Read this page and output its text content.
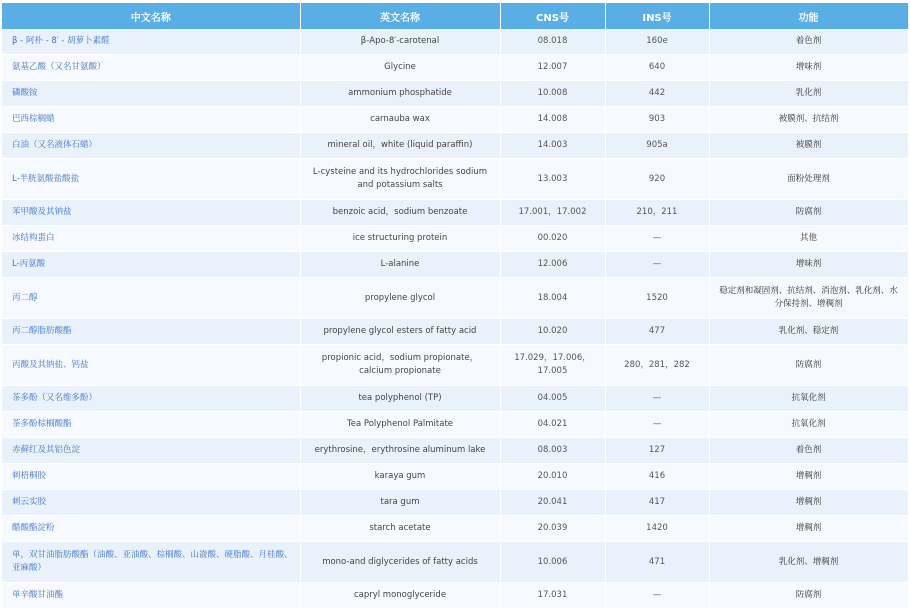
中文名称	英文名称	CNS号	INS号	功能
β - 阿朴 - 8′ - 胡萝卜素醛	β-Apo-8′-carotenal	08.018	160e	着色剂
氨基乙酸（又名甘氨酸）	Glycine	12.007	640	增味剂
磷酸铵	ammonium phosphatide	10.008	442	乳化剂
巴西棕榈蜡	carnauba wax	14.008	903	被膜剂、抗结剂
白油（又名液体石蜡）	mineral oil，white (liquid paraffin)	14.003	905a	被膜剂
L-半胱氨酸盐酸盐	L-cysteine and its hydrochlorides sodium and potassium salts	13.003	920	面粉处理剂
苯甲酸及其钠盐	benzoic acid，sodium benzoate	17.001，17.002	210，211	防腐剂
冰结构蛋白	ice structuring protein	00.020	—	其他
L-丙氨酸	L-alanine	12.006	—	增味剂
丙二醇	propylene glycol	18.004	1520	稳定剂和凝固剂、抗结剂、消泡剂、乳化剂、水分保持剂、增稠剂
丙二醇脂肪酸酯	propylene glycol esters of fatty acid	10.020	477	乳化剂、稳定剂
丙酸及其钠盐、钙盐	propionic acid，sodium propionate，calcium propionate	17.029，17.006，17.005	280，281，282	防腐剂
茶多酚（又名维多酚）	tea polyphenol (TP)	04.005	—	抗氧化剂
茶多酚棕榈酸酯	Tea Polyphenol Palmitate	04.021	—	抗氧化剂
赤藓红及其铝色淀	erythrosine，erythrosine aluminum lake	08.003	127	着色剂
刺梧桐胶	karaya gum	20.010	416	增稠剂
刺云实胶	tara gum	20.041	417	增稠剂
醋酸酯淀粉	starch acetate	20.039	1420	增稠剂
单，双甘油脂肪酸酯（油酸、亚油酸、棕榈酸、山嵛酸、硬脂酸、月桂酸、亚麻酸）	mono-and diglycerides of fatty acids	10.006	471	乳化剂、增稠剂
单辛酸甘油酯	capryl monoglyceride	17.031	—	防腐剂
